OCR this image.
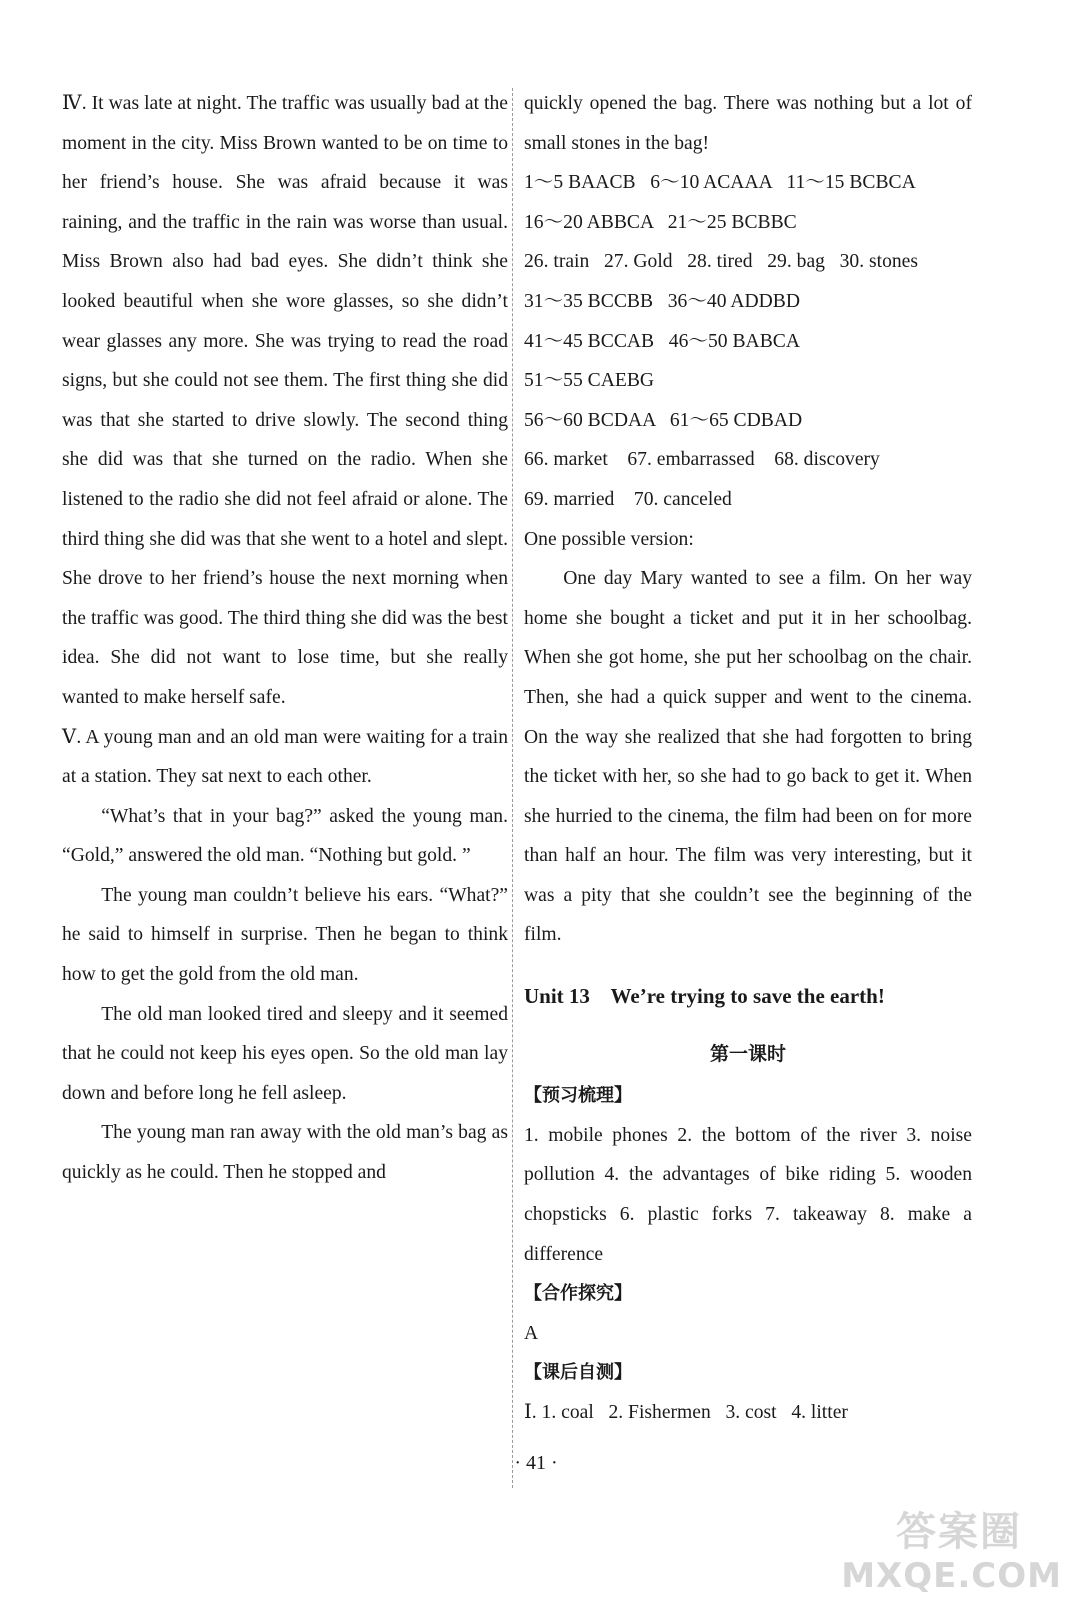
Ⅳ. It was late at night. The traffic was usually bad at the moment in the city. Miss Brown wanted to be on time to her friend’s house. She was afraid because it was raining, and the traffic in the rain was worse than usual. Miss Brown also had bad eyes. She didn’t think she looked beautiful when she wore glasses, so she didn’t wear glasses any more. She was trying to read the road signs, but she could not see them. The first thing she did was that she started to drive slowly. The second thing she did was that she turned on the radio. When she listened to the radio she did not feel afraid or alone. The third thing she did was that she went to a hotel and slept. She drove to her friend’s house the next morning when the traffic was good. The third thing she did was the best idea. She did not want to lose time, but she really wanted to make herself safe.

Ⅴ. A young man and an old man were waiting for a train at a station. They sat next to each other.

“What’s that in your bag?” asked the young man. “Gold,” answered the old man. “Nothing but gold. ”

The young man couldn’t believe his ears. “What?” he said to himself in surprise. Then he began to think how to get the gold from the old man.

The old man looked tired and sleepy and it seemed that he could not keep his eyes open. So the old man lay down and before long he fell asleep.

The young man ran away with the old man’s bag as quickly as he could. Then he stopped and

quickly opened the bag. There was nothing but a lot of small stones in the bag!

1～5 BAACB   6～10 ACAAA   11～15 BCBCA
16～20 ABBCA   21～25 BCBBC
26. train   27. Gold   28. tired   29. bag   30. stones
31～35 BCCBB   36～40 ADDBD
41～45 BCCAB   46～50 BABCA
51～55 CAEBG
56～60 BCDAA   61～65 CDBAD
66. market    67. embarrassed    68. discovery
69. married    70. canceled

One possible version:

One day Mary wanted to see a film. On her way home she bought a ticket and put it in her schoolbag. When she got home, she put her schoolbag on the chair. Then, she had a quick supper and went to the cinema. On the way she realized that she had forgotten to bring the ticket with her, so she had to go back to get it. When she hurried to the cinema, the film had been on for more than half an hour. The film was very interesting, but it was a pity that she couldn’t see the beginning of the film.

Unit 13    We’re trying to save the earth!
第一课时
【预习梳理】

1. mobile phones 2. the bottom of the river 3. noise pollution 4. the advantages of bike riding 5. wooden chopsticks 6. plastic forks 7. takeaway 8. make a difference

【合作探究】
A
【课后自测】
Ⅰ. 1. coal   2. Fishermen   3. cost   4. litter
· 41 ·
答案圈
MXQE.COM
